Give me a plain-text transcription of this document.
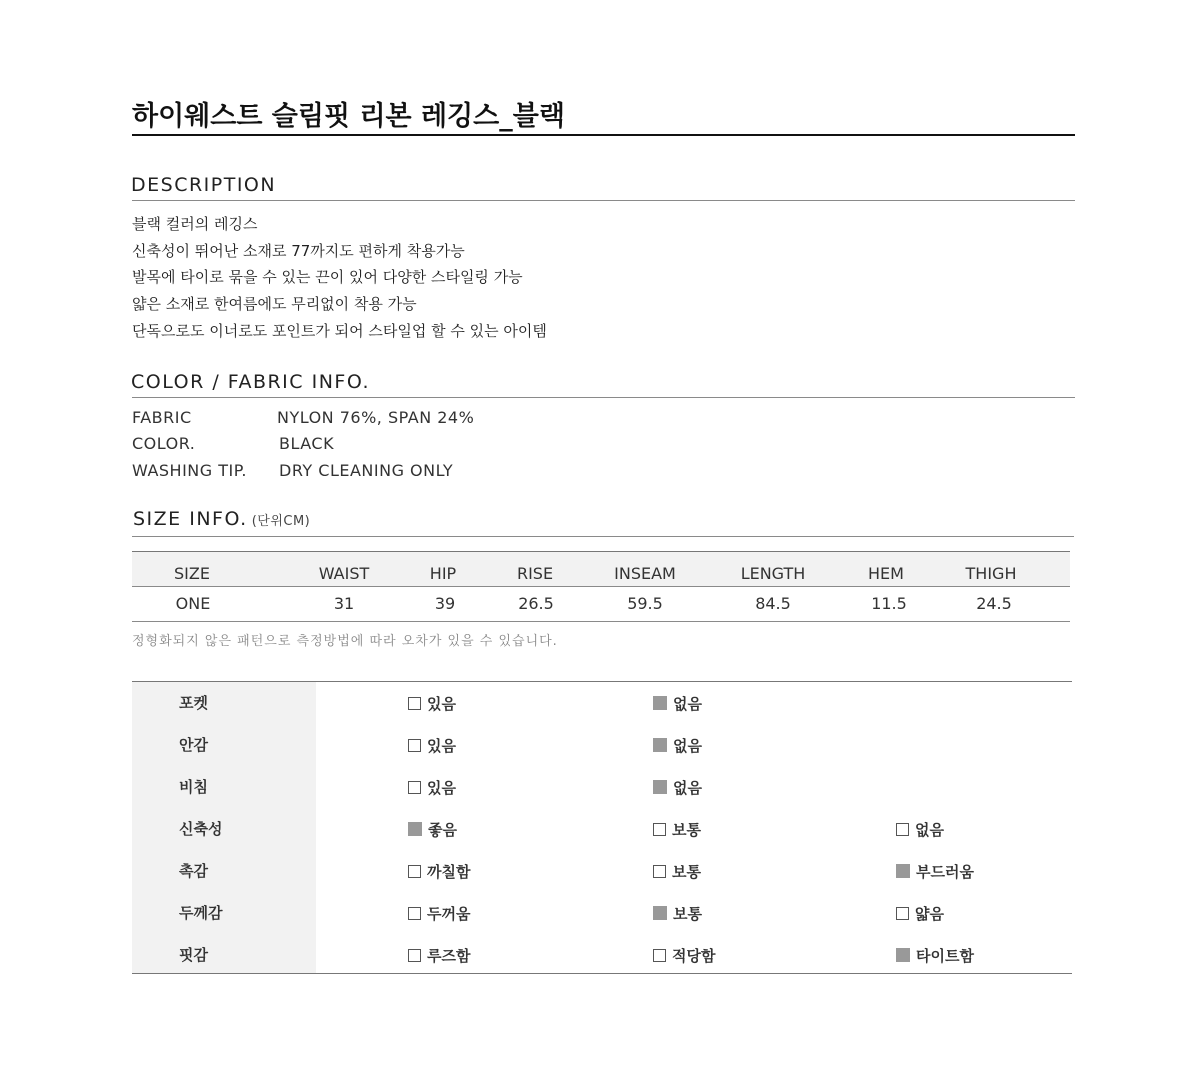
하이웨스트 슬림핏 리본 레깅스_블랙
DESCRIPTION
블랙 컬러의 레깅스
신축성이 뛰어난 소재로 77까지도 편하게 착용가능
발목에 타이로 묶을 수 있는 끈이 있어 다양한 스타일링 가능
얇은 소재로 한여름에도 무리없이 착용 가능
단독으로도 이너로도 포인트가 되어 스타일업 할 수 있는 아이템
COLOR / FABRIC INFO.
FABRIC	NYLON 76%, SPAN 24%
COLOR.	BLACK
WASHING TIP. DRY CLEANING ONLY
SIZE INFO. (단위CM)
SIZE	WAIST	HIP	RISE	INSEAM	LENGTH	HEM	THIGH
ONE	31	39	26.5	59.5	84.5	11.5	24.5
정형화되지 않은 패턴으로 측정방법에 따라 오차가 있을 수 있습니다.
포켓	있음	없음
안감	있음	없음
비침	있음	없음
신축성	좋음	보통	없음
촉감	까칠함	보통	부드러움
두께감	두꺼움	보통	얇음
핏감	루즈함	적당함	타이트함
